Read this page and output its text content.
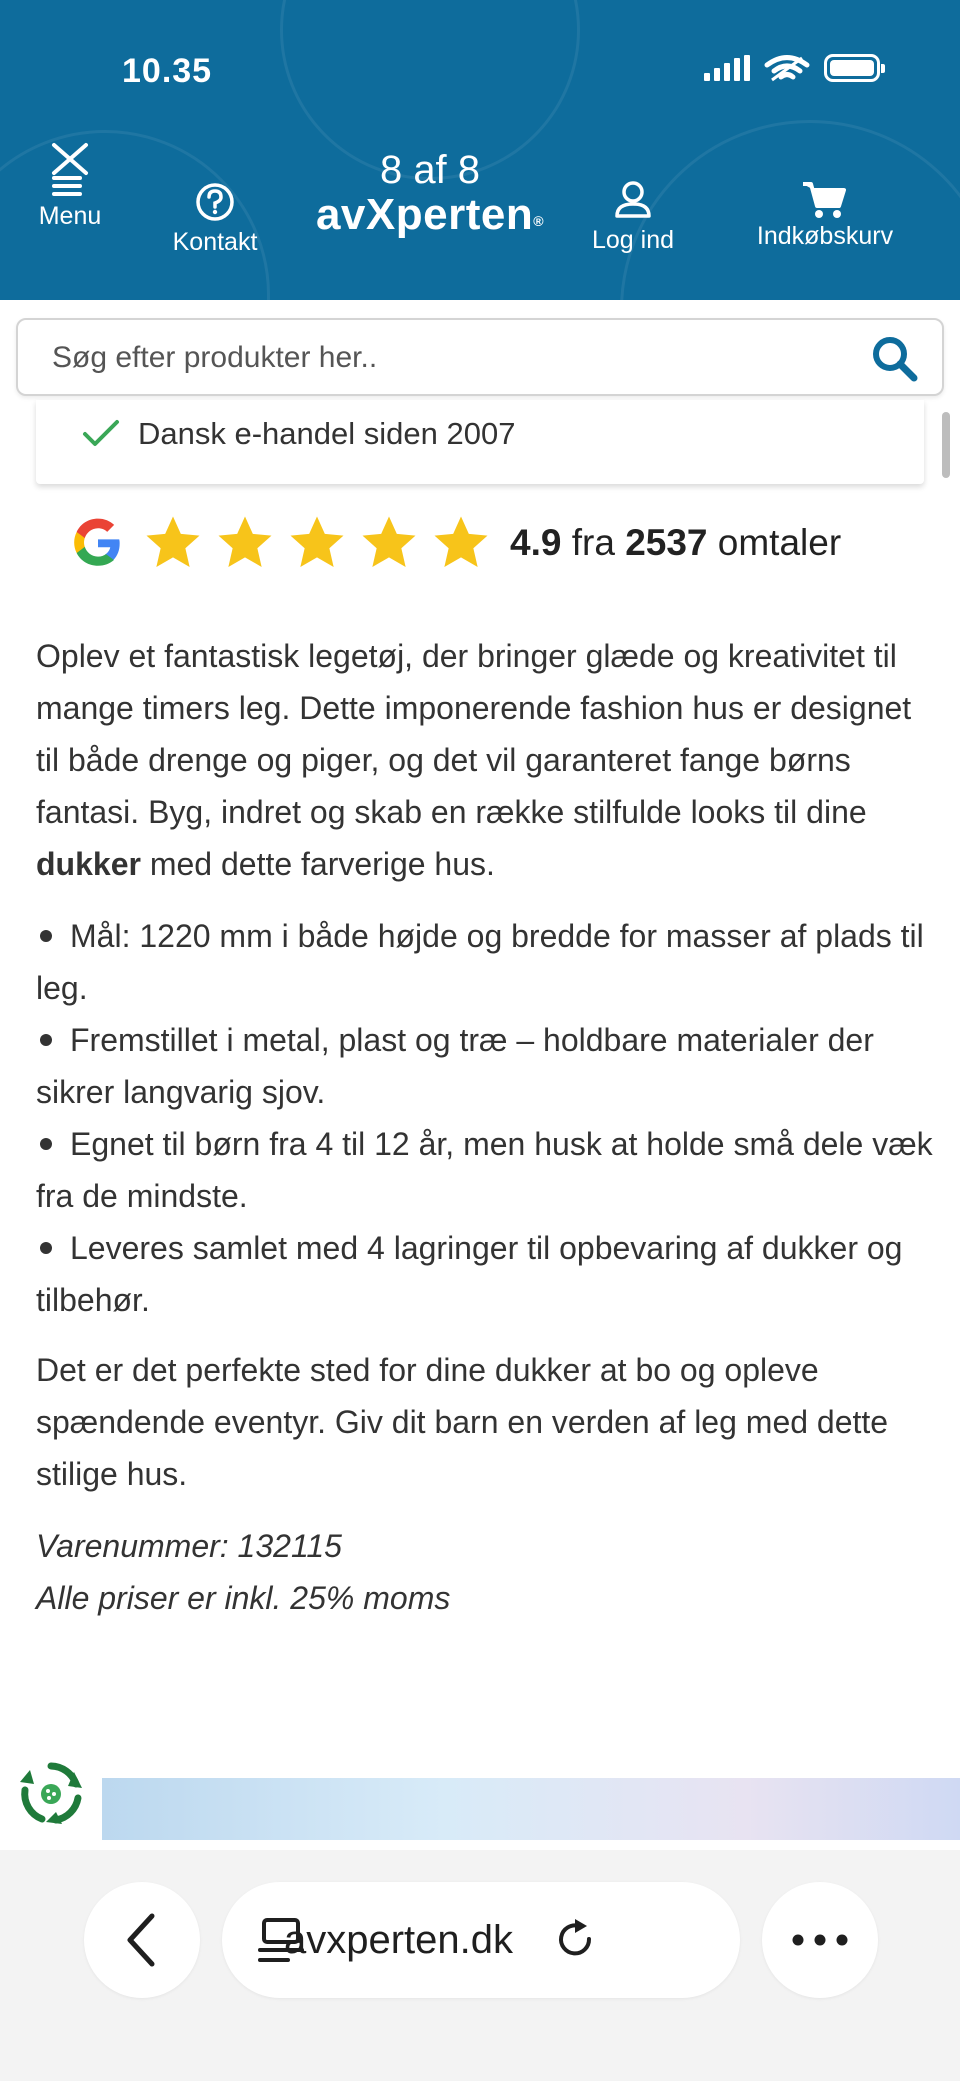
10.35
Menu
Kontakt
8 af 8
avXperten®
Log ind	Indkøbskurv
Søg efter produkter her..
Dansk e-handel siden 2007
4.9 fra 2537 omtaler

Oplev et fantastisk legetøj, der bringer glæde og kreativitet til mange timers leg. Dette imponerende fashion hus er designet til både drenge og piger, og det vil garanteret fange børns fantasi. Byg, indret og skab en række stilfulde looks til dine dukker med dette farverige hus.

Mål: 1220 mm i både højde og bredde for masser af plads til leg.
Fremstillet i metal, plast og træ – holdbare materialer der sikrer langvarig sjov.
Egnet til børn fra 4 til 12 år, men husk at holde små dele væk fra de mindste.
Leveres samlet med 4 lagringer til opbevaring af dukker og tilbehør.

Det er det perfekte sted for dine dukker at bo og opleve spændende eventyr. Giv dit barn en verden af leg med dette stilige hus.

Varenummer: 132115
Alle priser er inkl. 25% moms
avxperten.dk
